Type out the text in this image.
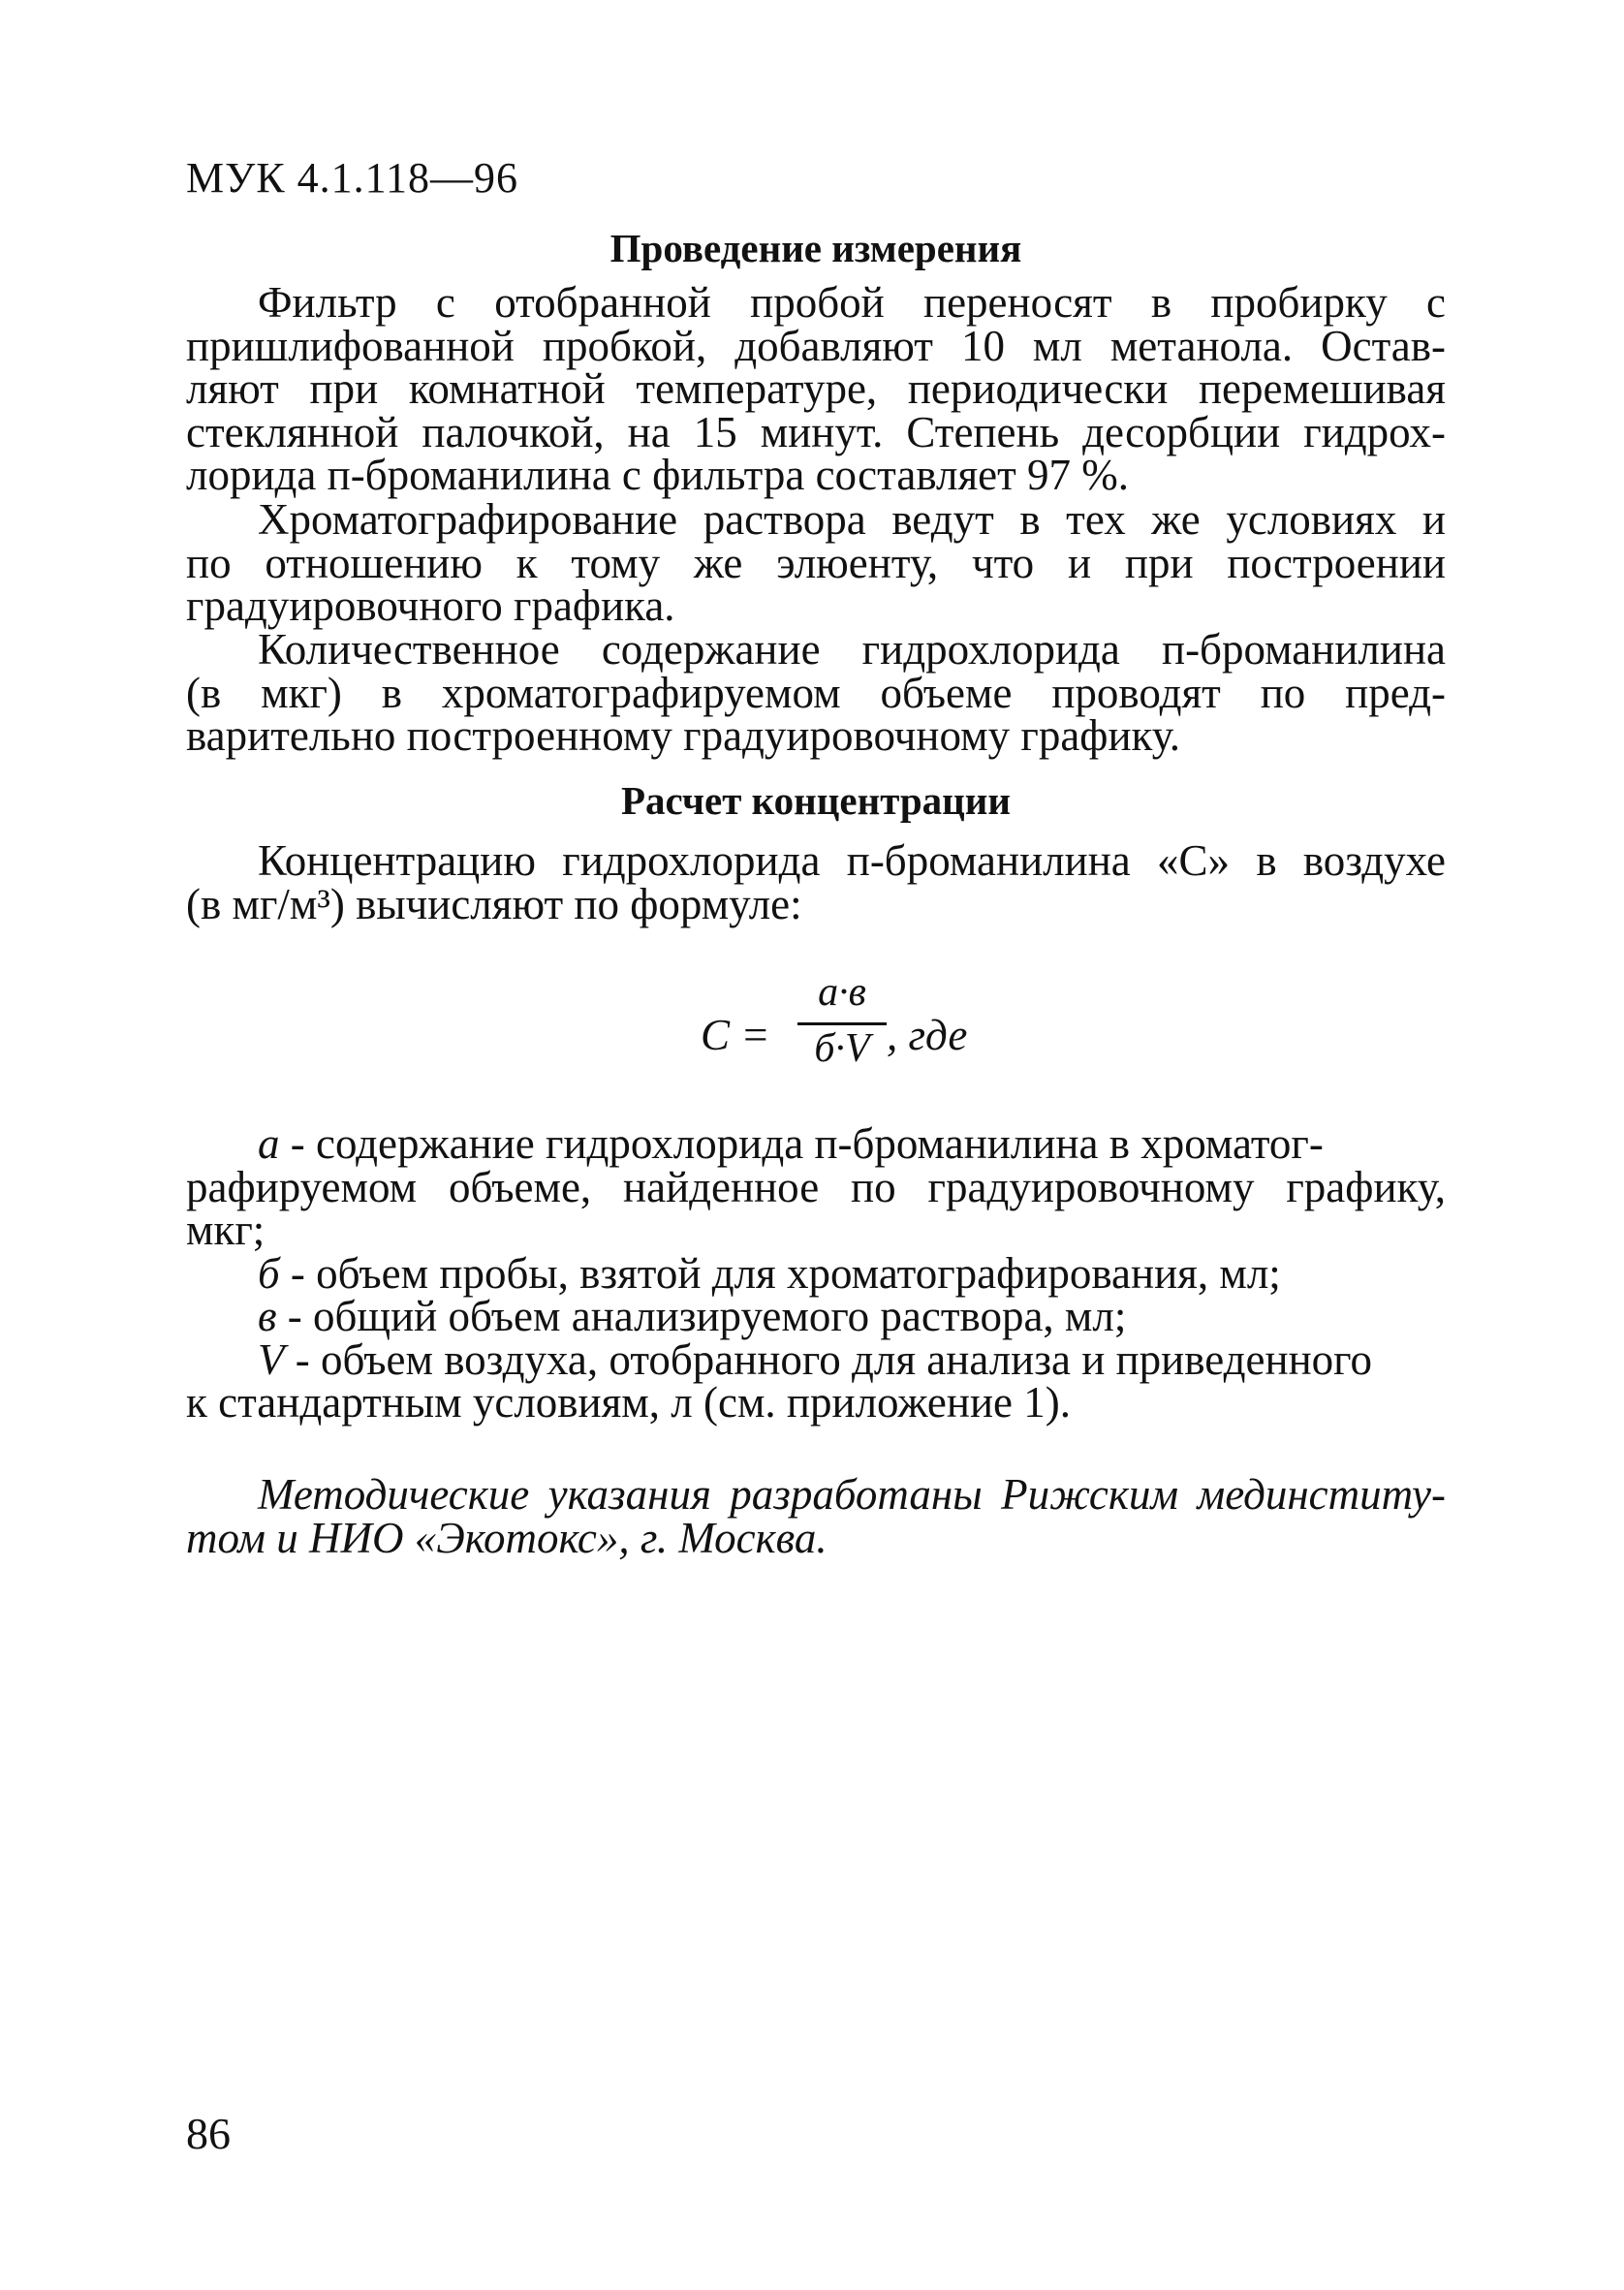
МУК 4.1.118—96
Проведение измерения
Фильтр с отобранной пробой переносят в пробирку с
пришлифованной пробкой, добавляют 10 мл метанола. Остав-
ляют при комнатной температуре, периодически перемешивая
стеклянной палочкой, на 15 минут. Степень десорбции гидрох-
лорида п-броманилина с фильтра составляет 97 %.
Хроматографирование раствора ведут в тех же условиях и
по отношению к тому же элюенту, что и при построении
градуировочного графика.
Количественное содержание гидрохлорида п-броманилина
(в мкг) в хроматографируемом объеме проводят по пред-
варительно построенному градуировочному графику.
Расчет концентрации
Концентрацию гидрохлорида п-броманилина «С» в воздухе
(в мг/м³) вычисляют по формуле:
С =
а·в
б·V , где
а - содержание гидрохлорида п-броманилина в хроматог-
рафируемом объеме, найденное по градуировочному графику,
мкг;
б - объем пробы, взятой для хроматографирования, мл;
в - общий объем анализируемого раствора, мл;
V - объем воздуха, отобранного для анализа и приведенного
к стандартным условиям, л (см. приложение 1).
Методические указания разработаны Рижским мединститу-
том и НИО «Экотокс», г. Москва.
86
